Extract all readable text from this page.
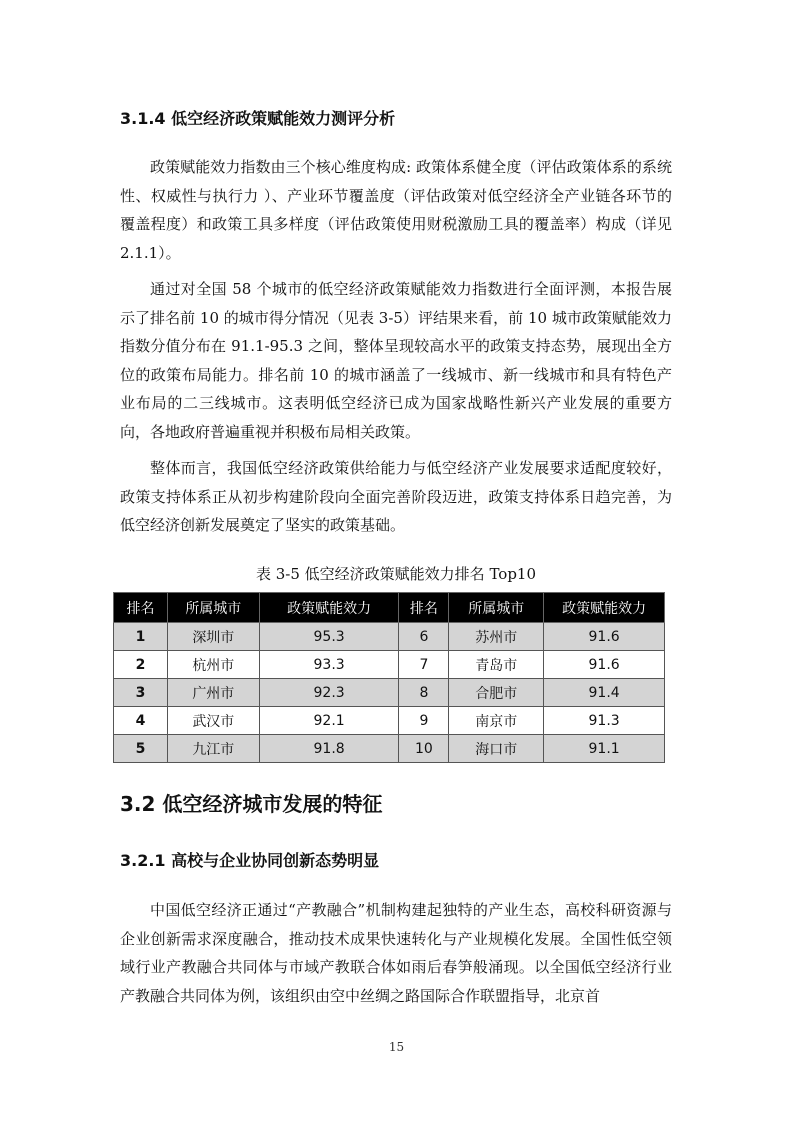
3.1.4 低空经济政策赋能效力测评分析

政策赋能效力指数由三个核心维度构成: 政策体系健全度（评估政策体系的系统性、权威性与执行力 ）、产业环节覆盖度（评估政策对低空经济全产业链各环节的覆盖程度）和政策工具多样度（评估政策使用财税激励工具的覆盖率）构成（详见 2.1.1）。

通过对全国 58 个城市的低空经济政策赋能效力指数进行全面评测，本报告展示了排名前 10 的城市得分情况（见表 3-5）评结果来看，前 10 城市政策赋能效力指数分值分布在 91.1-95.3 之间，整体呈现较高水平的政策支持态势，展现出全方位的政策布局能力。排名前 10 的城市涵盖了一线城市、新一线城市和具有特色产业布局的二三线城市。这表明低空经济已成为国家战略性新兴产业发展的重要方向，各地政府普遍重视并积极布局相关政策。

整体而言，我国低空经济政策供给能力与低空经济产业发展要求适配度较好，政策支持体系正从初步构建阶段向全面完善阶段迈进，政策支持体系日趋完善，为低空经济创新发展奠定了坚实的政策基础。

表 3-5 低空经济政策赋能效力排名 Top10
排名	所属城市	政策赋能效力	排名	所属城市	政策赋能效力
1	深圳市	95.3	6	苏州市	91.6
2	杭州市	93.3	7	青岛市	91.6
3	广州市	92.3	8	合肥市	91.4
4	武汉市	92.1	9	南京市	91.3
5	九江市	91.8	10	海口市	91.1
3.2 低空经济城市发展的特征
3.2.1 高校与企业协同创新态势明显

中国低空经济正通过“产教融合”机制构建起独特的产业生态，高校科研资源与企业创新需求深度融合，推动技术成果快速转化与产业规模化发展。全国性低空领域行业产教融合共同体与市域产教联合体如雨后春笋般涌现。以全国低空经济行业产教融合共同体为例，该组织由空中丝绸之路国际合作联盟指导，北京首

15
